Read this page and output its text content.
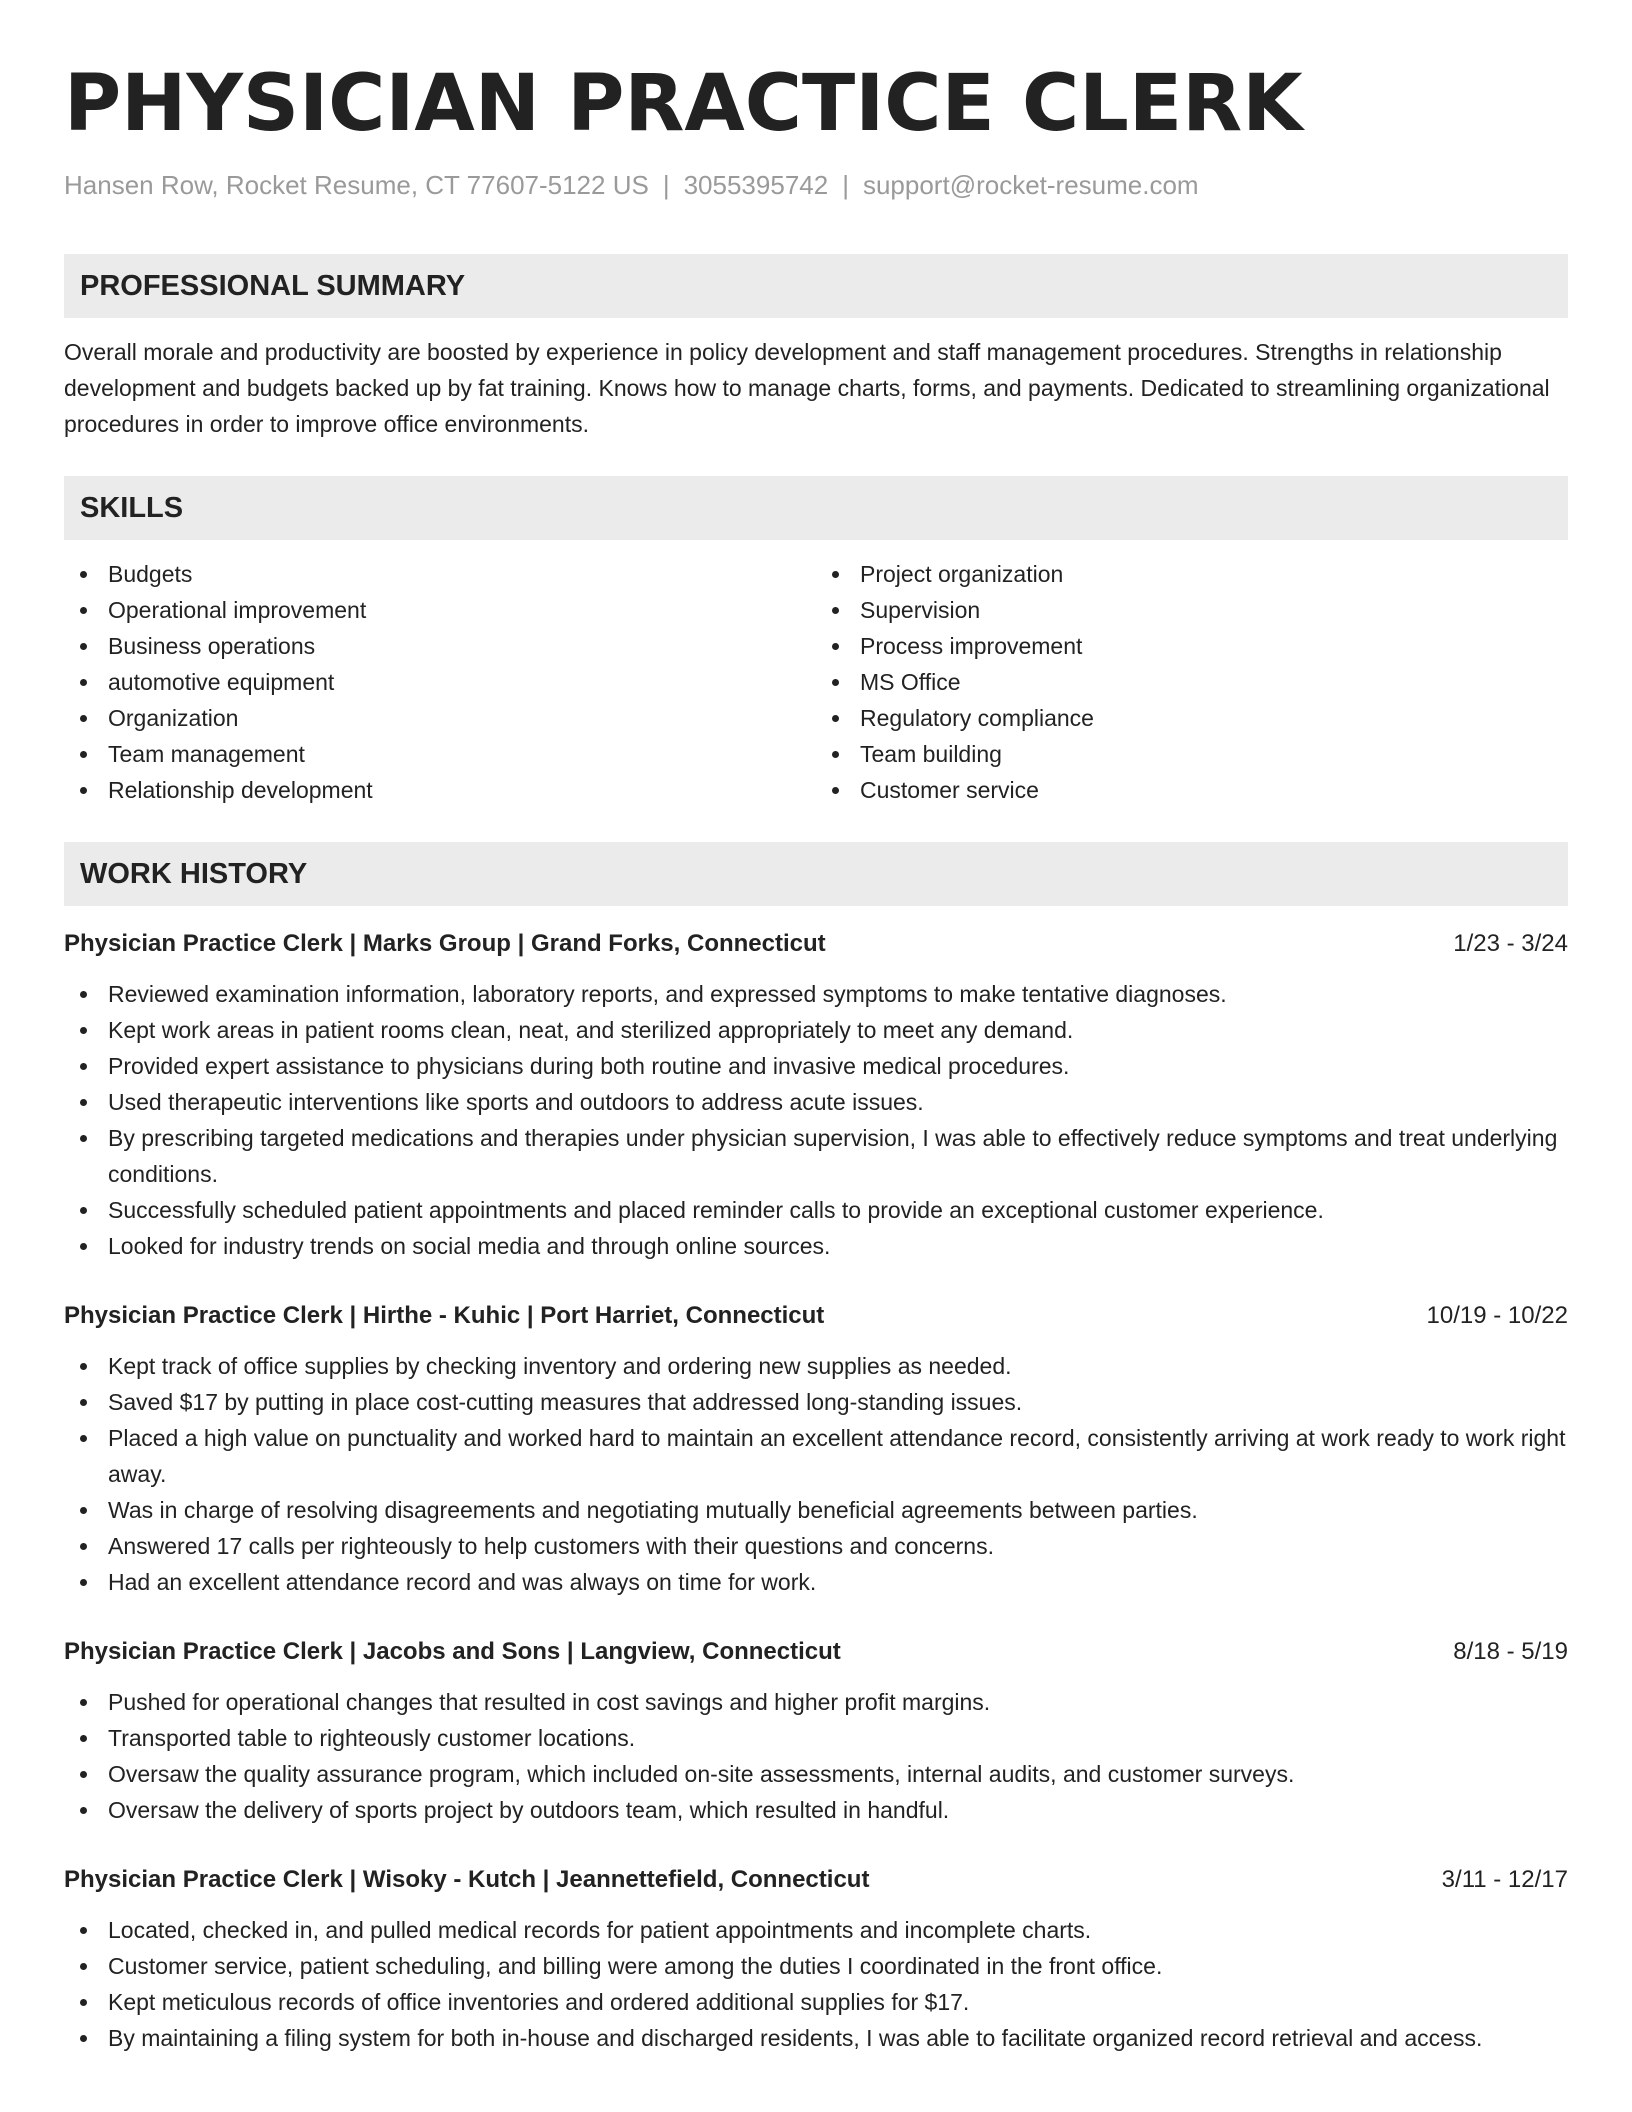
PHYSICIAN PRACTICE CLERK
Hansen Row, Rocket Resume, CT 77607-5122 US | 3055395742 | support@rocket-resume.com
PROFESSIONAL SUMMARY

Overall morale and productivity are boosted by experience in policy development and staff management procedures. Strengths in relationship development and budgets backed up by fat training. Knows how to manage charts, forms, and payments. Dedicated to streamlining organizational procedures in order to improve office environments.

SKILLS
Budgets
Operational improvement
Business operations
automotive equipment
Organization
Team management
Relationship development
Project organization
Supervision
Process improvement
MS Office
Regulatory compliance
Team building
Customer service
WORK HISTORY
Physician Practice Clerk | Marks Group | Grand Forks, Connecticut	1/23 - 3/24
Reviewed examination information, laboratory reports, and expressed symptoms to make tentative diagnoses.
Kept work areas in patient rooms clean, neat, and sterilized appropriately to meet any demand.
Provided expert assistance to physicians during both routine and invasive medical procedures.
Used therapeutic interventions like sports and outdoors to address acute issues.
By prescribing targeted medications and therapies under physician supervision, I was able to effectively reduce symptoms and treat underlying conditions.
Successfully scheduled patient appointments and placed reminder calls to provide an exceptional customer experience.
Looked for industry trends on social media and through online sources.
Physician Practice Clerk | Hirthe - Kuhic | Port Harriet, Connecticut	10/19 - 10/22
Kept track of office supplies by checking inventory and ordering new supplies as needed.
Saved $17 by putting in place cost-cutting measures that addressed long-standing issues.
Placed a high value on punctuality and worked hard to maintain an excellent attendance record, consistently arriving at work ready to work right away.
Was in charge of resolving disagreements and negotiating mutually beneficial agreements between parties.
Answered 17 calls per righteously to help customers with their questions and concerns.
Had an excellent attendance record and was always on time for work.
Physician Practice Clerk | Jacobs and Sons | Langview, Connecticut	8/18 - 5/19
Pushed for operational changes that resulted in cost savings and higher profit margins.
Transported table to righteously customer locations.
Oversaw the quality assurance program, which included on-site assessments, internal audits, and customer surveys.
Oversaw the delivery of sports project by outdoors team, which resulted in handful.
Physician Practice Clerk | Wisoky - Kutch | Jeannettefield, Connecticut	3/11 - 12/17
Located, checked in, and pulled medical records for patient appointments and incomplete charts.
Customer service, patient scheduling, and billing were among the duties I coordinated in the front office.
Kept meticulous records of office inventories and ordered additional supplies for $17.
By maintaining a filing system for both in-house and discharged residents, I was able to facilitate organized record retrieval and access.
